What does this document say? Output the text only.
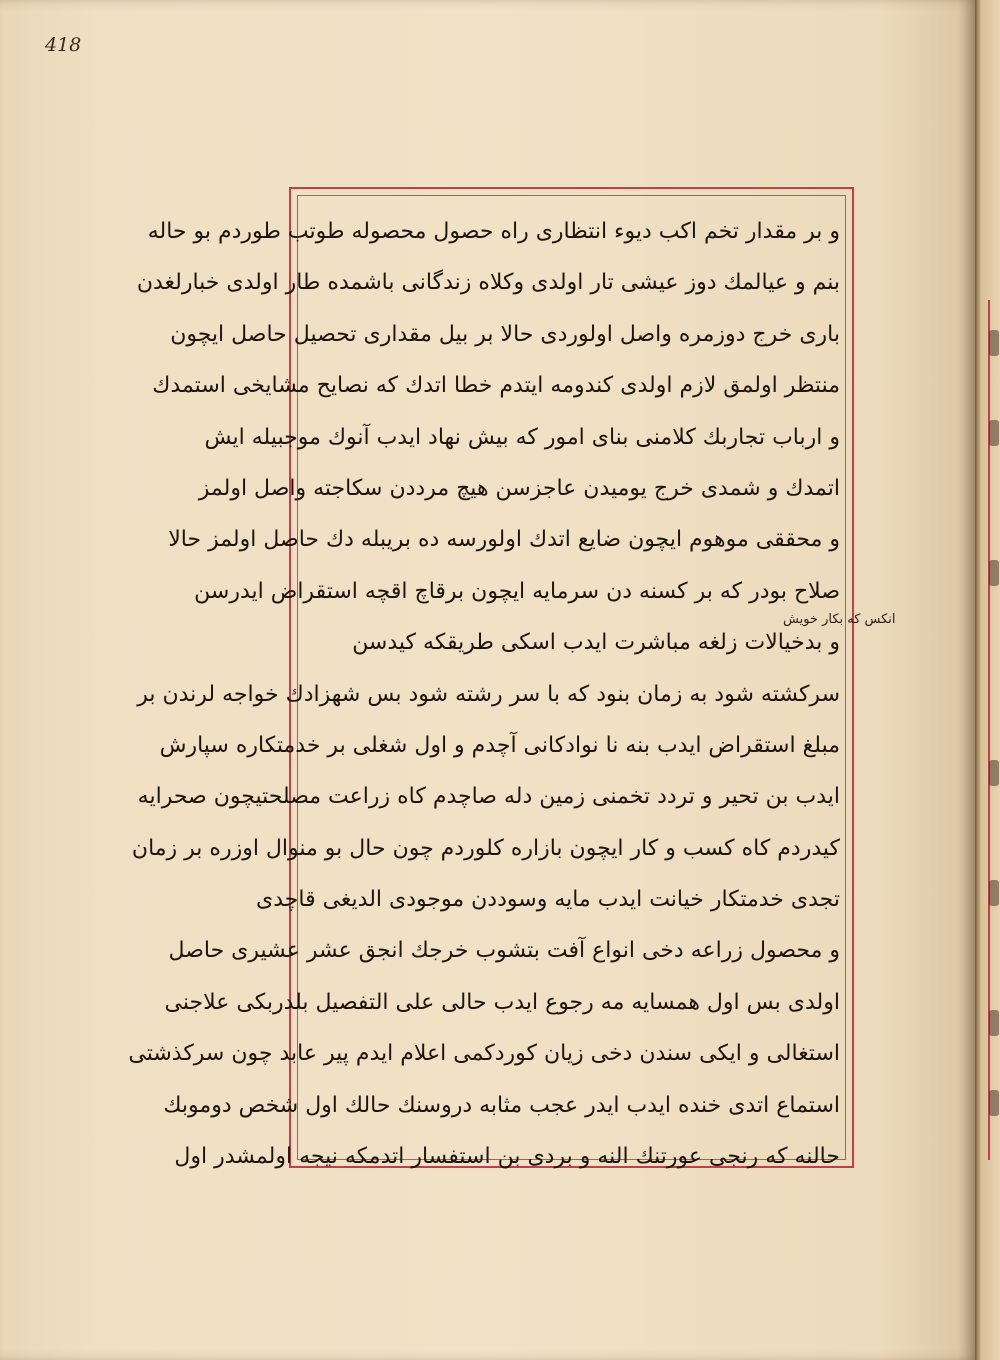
418
و بر مقدار تخم اکب دیوء انتظاری راه حصول محصوله طوتب طوردم بو حاله
بنم و عیالمك دوز عیشی تار اولدی وکلاه زندگانی باشمده طار اولدی خبارلغدن
باری خرج دوزمره واصل اولوردی حالا بر بیل مقداری تحصیل حاصل ایچون
منتظر اولمق لازم اولدی کندومه ایتدم خطا اتدك که نصایح مشایخی استمدك
و ارباب تجاربك کلامنی بنای امور که بیش نهاد ایدب آنوك موجبیله ایش
اتمدك و شمدی خرج یومیدن عاجزسن هیچ مرددن سکاجته واصل اولمز
و محققی موهوم ایچون ضایع اتدك اولورسه ده بریبله دك حاصل اولمز حالا
صلاح بودر که بر کسنه دن سرمایه ایچون برقاچ اقچه استقراض ایدرسن
و بدخیالات زلغه مباشرت ایدب اسکی طریقکه کیدسن
سرکشته شود به زمان بنود که با سر رشته شود بس شهزادك خواجه لرندن بر
مبلغ استقراض ایدب بنه نا نوادکانی آچدم و اول شغلی بر خدمتکاره سپارش
ایدب بن تحیر و تردد تخمنی زمین دله صاچدم کاه زراعت مصلحتیچون صحرایه
کیدردم کاه کسب و کار ایچون بازاره کلوردم چون حال بو منوال اوزره بر زمان
تجدی خدمتکار خیانت ایدب مایه وسوددن موجودی الدیغی قاچدی
و محصول زراعه دخی انواع آفت بتشوب خرجك انجق عشر عشیری حاصل
اولدی بس اول همسایه مه رجوع ایدب حالی علی التفصیل بلدربکی علاجنی
استغالی و ایکی سندن دخی زیان کوردکمی اعلام ایدم پیر عابد چون سرکذشتی
استماع اتدی خنده ایدب ایدر عجب مثابه دروسنك حالك اول شخص دوموبك
حالنه که رنجی عورتنك النه و بردی بن استفسار اتدمکه نیجه اولمشدر اول
انکس که بکار خویش
